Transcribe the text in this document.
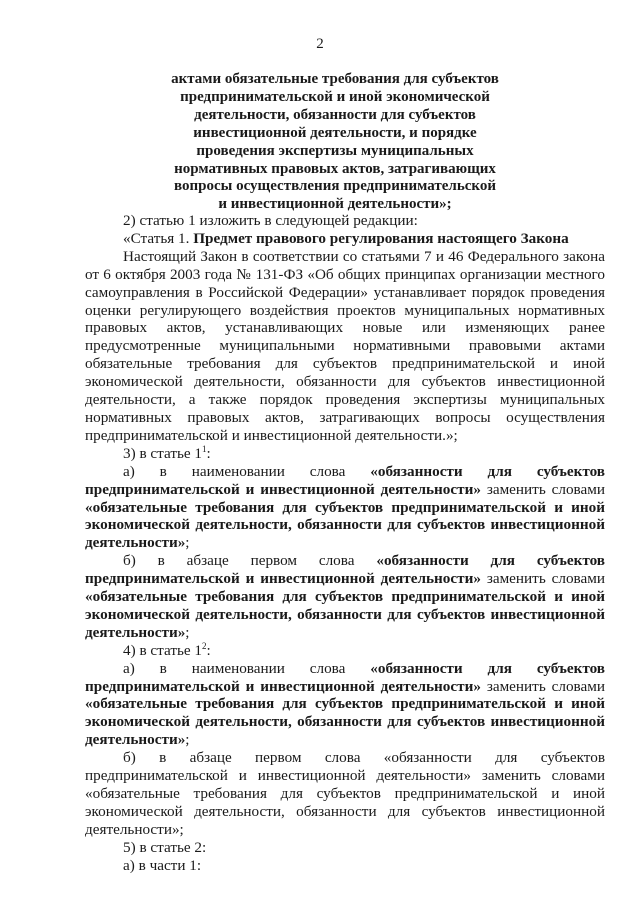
2
актами обязательные требования для субъектов
предпринимательской и иной экономической
деятельности, обязанности для субъектов
инвестиционной деятельности, и порядке
проведения экспертизы муниципальных
нормативных правовых актов, затрагивающих
вопросы осуществления предпринимательской
и инвестиционной деятельности»;

2) статью 1 изложить в следующей редакции:

«Статья 1. Предмет правового регулирования настоящего Закона

Настоящий Закон в соответствии со статьями 7 и 46 Федерального закона от 6 октября 2003 года № 131-ФЗ «Об общих принципах организации местного самоуправления в Российской Федерации» устанавливает порядок проведения оценки регулирующего воздействия проектов муниципальных нормативных правовых актов, устанавливающих новые или изменяющих ранее предусмотренные муниципальными нормативными правовыми актами обязательные требования для субъектов предпринимательской и иной экономической деятельности, обязанности для субъектов инвестиционной деятельности, а также порядок проведения экспертизы муниципальных нормативных правовых актов, затрагивающих вопросы осуществления предпринимательской и инвестиционной деятельности.»;

3) в статье $1^1$:

а) в наименовании слова «обязанности для субъектов предпринимательской и инвестиционной деятельности» заменить словами «обязательные требования для субъектов предпринимательской и иной экономической деятельности, обязанности для субъектов инвестиционной деятельности»;

б) в абзаце первом слова «обязанности для субъектов предпринимательской и инвестиционной деятельности» заменить словами «обязательные требования для субъектов предпринимательской и иной экономической деятельности, обязанности для субъектов инвестиционной деятельности»;

4) в статье $1^2$:

а) в наименовании слова «обязанности для субъектов предпринимательской и инвестиционной деятельности» заменить словами «обязательные требования для субъектов предпринимательской и иной экономической деятельности, обязанности для субъектов инвестиционной деятельности»;

б) в абзаце первом слова «обязанности для субъектов предпринимательской и инвестиционной деятельности» заменить словами «обязательные требования для субъектов предпринимательской и иной экономической деятельности, обязанности для субъектов инвестиционной деятельности»;

5) в статье 2:

а) в части 1:
